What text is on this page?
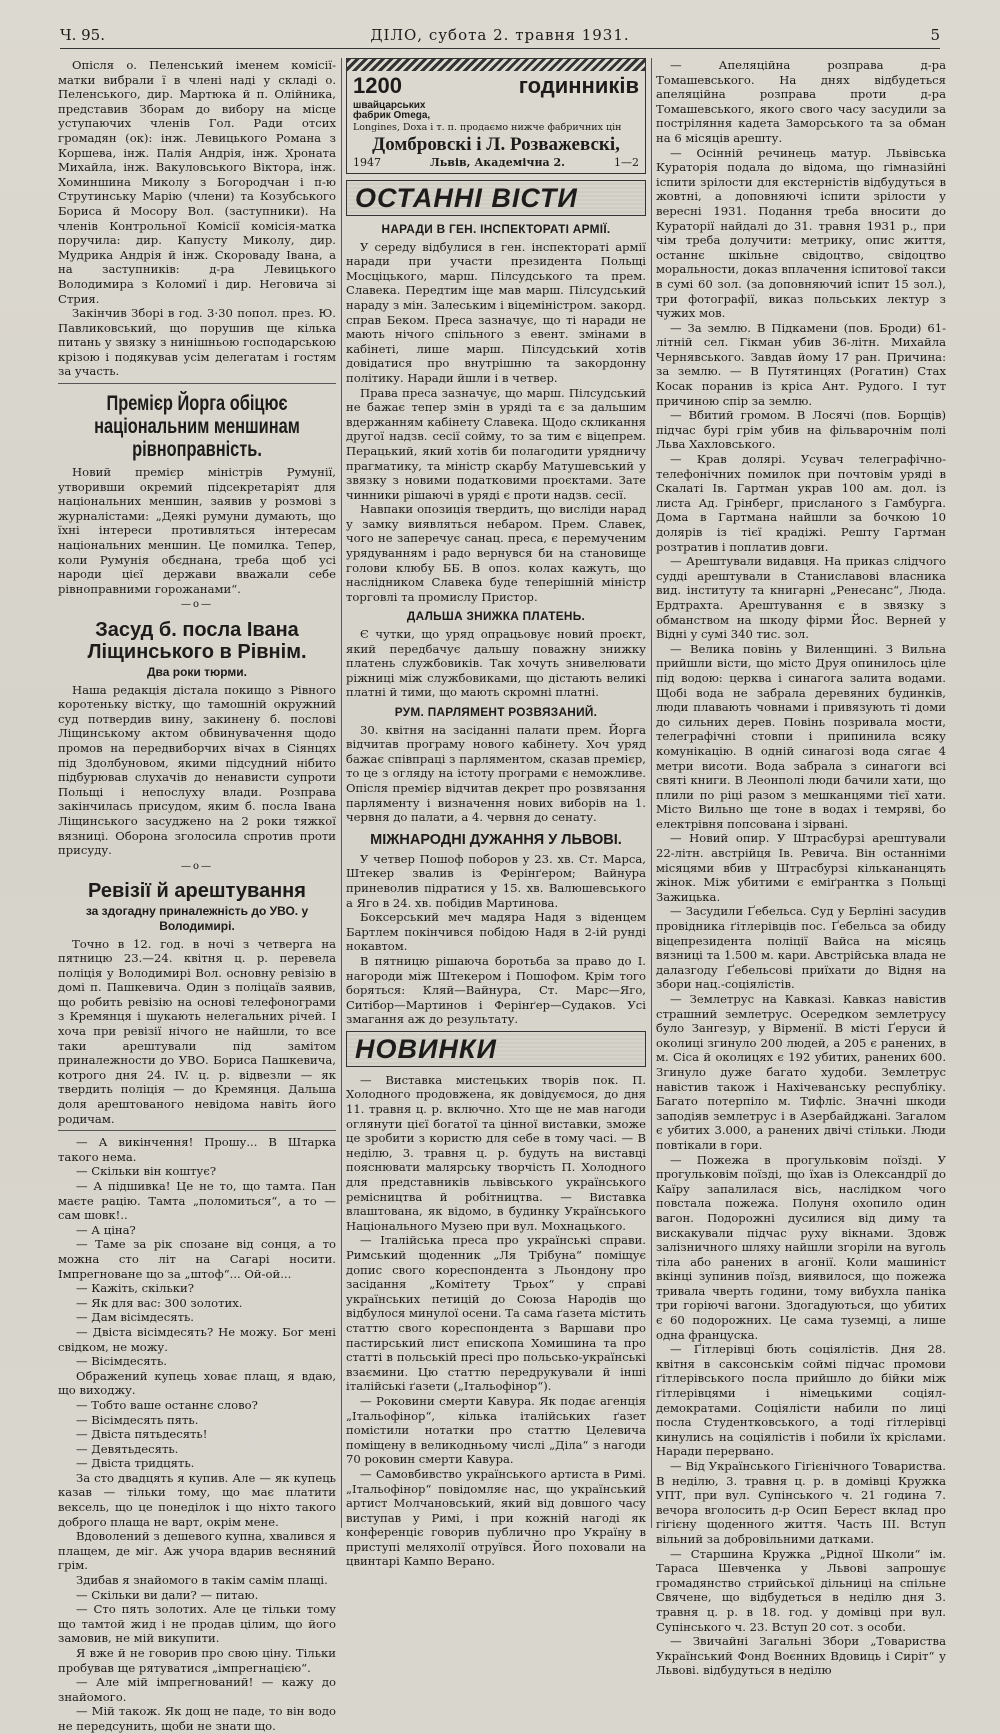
Ч. 95.	ДІЛО, субота 2. травня 1931.	5

Опісля о. Пеленський іменем комісії-матки вибрали ї в члені наді у складі о. Пеленського, дир. Мартюка й п. Олійника, представив Зборам до вибору на місце уступаючих членів Гол. Ради отсих громадян (ок): інж. Левицького Романа з Коршева, інж. Палія Андрія, інж. Хроната Михайла, інж. Вакуловського Віктора, інж. Хоминшина Миколу з Богородчан і п-ю Струтинську Марію (члени) та Козубського Бориса й Мосору Вол. (заступники). На членів Контрольної Комісії комісія-матка поручила: дир. Капусту Миколу, дир. Мудрика Андрія й інж. Скороваду Івана, а на заступників: д-ра Левицького Володимира з Коломиї і дир. Неговича зі Стрия.

Закінчив Зборі в год. 3·30 попол. през. Ю. Павликовський, що порушив ще кілька питань у звязку з нинішньою господарською крізою і подякував усім делегатам і гостям за участь.

Премієр Йорга обіцює національним меншинам рівноправність.

Новий премієр міністрів Румунії, утворивши окремий підсекретаріят для національних меншин, заявив у розмові з журналістами: „Деякі румуни думають, що їхні інтереси противляться інтересам національних меншин. Це помилка. Тепер, коли Румунія обєднана, треба щоб усі народи цієї держави вважали себе рівноправними горожанами“.

—o—
Засуд б. посла Івана Ліщинського в Рівнім.
Два роки тюрми.

Наша редакція дістала покищо з Рівного коротеньку вістку, що тамошній окружний суд потвердив вину, закинену б. послові Ліщинському актом обвинувачення щодо промов на передвиборчих вічах в Сіянцях під Здолбуновом, якими підсудний нібито підбурював слухачів до ненависти супроти Польщі і непослуху влади. Розправа закінчилась присудом, яким б. посла Івана Ліщинського засуджено на 2 роки тяжкої вязниці. Оборона зголосила спротив проти присуду.

—o—
Ревізії й арештування
за здогадну приналежність до УВО. у Володимирі.

Точно в 12. год. в ночі з четверга на пятницю 23.—24. квітня ц. р. перевела поліція у Володимирі Вол. основну ревізію в домі п. Пашкевича. Один з поліцаїв заявив, що робить ревізію на основі телефонограми з Кремянця і шукають нелегальних річей. І хоча при ревізії нічого не найшли, то все таки арештували під замітом приналежности до УВО. Бориса Пашкевича, котрого дня 24. IV. ц. р. відвезли — як твердить поліція — до Кремянця. Дальша доля арештованого невідома навіть його родичам.

— А викінчення! Прошу... В Штарка такого нема.

— Скільки він коштує?

— А підшивка! Це не то, що тамта. Пан маєте рацію. Тамта „поломиться“, а то — сам шовк!..

— А ціна?

— Таме за рік спозане від сонця, а то можна сто літ на Сагарі носити. Імпрегноване що за „штоф“... Ой-ой...

— Кажіть, скільки?

— Як для вас: 300 золотих.

— Дам вісімдесять.

— Двіста вісімдесять? Не можу. Бог мені свідком, не можу.

— Вісімдесять.

Ображений купець ховає плащ, я вдаю, що виходжу.

— Тобто ваше останнє слово?

— Вісімдесять пять.

— Двіста пятьдесять!

— Девятьдесять.

— Двіста тридцять.

За сто двадцять я купив. Але — як купець казав — тільки тому, що має платити вексель, що це понеділок і що ніхто такого доброго плаща не варт, окрім мене.

Вдоволений з дешевого купна, хвалився я плащем, де міг. Аж учора вдарив весняний грім.

Здибав я знайомого в такім самім плащі.

— Скільки ви дали? — питаю.

— Сто пять золотих. Але це тільки тому що тамтой жид і не продав цілим, що його замовив, не мій викупити.

Я вже й не говорив про свою ціну. Тільки пробував ще рятуватися „імпрегнацією“.

— Але мій імпрегнований! — кажу до знайомого.

— Мій також. Як дощ не паде, то він водо не передсунить, щоби не знати що.

1200	годинників швайцарських фабрик Omega,
Longines, Doxa і т. п. продаємо нижче фабричних цін
Домбровскі і Л. Розважевскі,
1947	Львів, Академічна 2.	1—2
ОСТАННІ ВІСТИ
НАРАДИ В ГЕН. ІНСПЕКТОРАТІ АРМІЇ.

У середу відбулися в ген. інспектораті армії наради при участи президента Польщі Мосціцького, марш. Пілсудського та прем. Славека. Передтим іще мав марш. Пілсудський нараду з мін. Залеським і віцеміністром. закорд. справ Беком. Преса зазначує, що ті наради не мають нічого спільного з евент. змінами в кабінеті, лише марш. Пілсудський хотів довідатися про внутрішню та закордонну політику. Наради йшли і в четвер.

Права преса зазначує, що марш. Пілсудський не бажає тепер змін в уряді та є за дальшим вдержанням кабінету Славека. Щодо скликання другої надзв. сесії сойму, то за тим є віцепрем. Перацький, який хотів би полагодити урядничу прагматику, та міністр скарбу Матушевський у звязку з новими податковими проєктами. Зате чинники рішаючі в уряді є проти надзв. сесії.

Навпаки опозиція твердить, що висліди нарад у замку виявляться небаром. Прем. Славек, чого не заперечує санац. преса, є перемученим урядуванням і радо вернувся би на становище голови клюбу ББ. В опоз. колах кажуть, що наслідником Славека буде теперішній міністр торговлі та промислу Пристор.

ДАЛЬША ЗНИЖКА ПЛАТЕНЬ.

Є чутки, що уряд опрацьовує новий проєкт, який передбачує дальшу поважну знижку платень службовиків. Так хочуть знивелювати ріжниці між службовиками, що дістають великі платні й тими, що мають скромні платні.

РУМ. ПАРЛЯМЕНТ РОЗВЯЗАНИЙ.

30. квітня на засіданні палати прем. Йорга відчитав програму нового кабінету. Хоч уряд бажає співпраці з парляментом, сказав премієр, то це з огляду на істоту програми є неможливе. Опісля премієр відчитав декрет про розвязання парляменту і визначення нових виборів на 1. червня до палати, а 4. червня до сенату.

МІЖНАРОДНІ ДУЖАННЯ У ЛЬВОВІ.

У четвер Пошоф поборов у 23. хв. Ст. Марса, Штекер звалив із Ферінґером; Вайнура приневолив підратися у 15. хв. Валюшевського а Яго в 24. хв. побідив Мартинова.

Боксерський меч мадяра Надя з віденцем Бартлем покінчився побідою Надя в 2-ій рунді нокавтом.

В пятницю рішаюча боротьба за право до І. нагороди між Штекером і Пошофом. Крім того боряться: Кляй—Вайнура, Ст. Марс—Яго, Ситібор—Мартинов і Ферінґер—Судаков. Усі змагання аж до результату.

НОВИНКИ

— Виставка мистецьких творів пок. П. Холодного продовжена, як довідуємося, до дня 11. травня ц. р. включно. Хто ще не мав нагоди оглянути цієї богатої та цінної виставки, зможе це зробити з користю для себе в тому часі. — В неділю, 3. травня ц. р. будуть на виставці пояснювати малярську творчість П. Холодного для представників львівського українського ремісництва й робітництва. — Виставка влаштована, як відомо, в будинку Українського Національного Музею при вул. Мохнацького.

— Італійська преса про українські справи. Римський щоденник „Ля Трібуна“ поміщує допис свого кореспондента з Льондону про засідання „Комітету Трьох“ у справі українських петицій до Союза Народів що відбулося минулої осени. Та сама ґазета містить статтю свого кореспондента з Варшави про пастирський лист епископа Хомишина та про статті в польській пресі про польсько-українські взаємини. Цю статтю передрукували й інші італійські ґазети („Італьофінор“).

— Роковини смерти Кавура. Як подає агенція „Італьофінор“, кілька італійських ґазет помістили нотатки про статтю Целевича поміщену в великодньому числі „Діла“ з нагоди 70 роковин смерти Кавура.

— Самовбивство українського артиста в Римі. „Італьофінор“ повідомляє нас, що український артист Молчановський, який від довшого часу виступав у Римі, і при кожній нагоді як конференціє говорив публично про Україну в приступі меляхолії отруївся. Його поховали на цвинтарі Кампо Верано.

— Апеляційна розправа д-ра Томашевського. На днях відбудеться апеляційна розправа проти д-ра Томашевського, якого свого часу засудили за постріляння кадета Заморського та за обман на 6 місяців арешту.

— Осінній речинець матур. Львівська Кураторія подала до відома, що гімназійні іспити зрілости для екстерністів відбудуться в жовтні, а доповняючі іспити зрілости у вересні 1931. Подання треба вносити до Кураторії найдалі до 31. травня 1931 р., при чім треба долучити: метрику, опис життя, останнє шкільне свідоцтво, свідоцтво моральности, доказ вплачення іспитової такси в сумі 60 зол. (за доповняючий іспит 15 зол.), три фотографії, виказ польських лектур з чужих мов.

— За землю. В Підкамени (пов. Броди) 61-літній сел. Гікман убив 36-літн. Михайла Чернявського. Завдав йому 17 ран. Причина: за землю. — В Путятинцях (Рогатин) Стах Косак поранив із кріса Ант. Рудого. І тут причиною спір за землю.

— Вбитий громом. В Лосячі (пов. Борщів) підчас бурі грім убив на фільварочнім полі Льва Хахловського.

— Крав долярі. Усувач телеграфічно-телефонічних помилок при почтовім уряді в Скалаті Ів. Гартман украв 100 ам. дол. із листа Ад. Грінберг, присланого з Гамбурга. Дома в Гартмана найшли за бочкою 10 долярів із тієї крадіжі. Решту Гартман розтратив і поплатив довги.

— Арештували видавця. На приказ слідчого судді арештували в Станиславові власника вид. інституту та книгарні „Ренесанс“, Люда. Ердтрахта. Арештування є в звязку з обманством на шкоду фірми Йос. Верней у Відні у сумі 340 тис. зол.

— Велика повінь у Виленщині. З Вильна прийшли вісти, що місто Друя опинилось ціле під водою: церква і синагога залита водами. Щобі вода не забрала деревяних будинків, люди плавають човнами і привязують ті доми до сильних дерев. Повінь позривала мости, телеграфічні стовпи і припинила всяку комунікацію. В одній синагозі вода сягає 4 метри висоти. Вода забрала з синагоги всі святі книги. В Леонполі люди бачили хати, що плили по ріці разом з мешканцями тієї хати. Місто Вильно ще тоне в водах і темряві, бо електрівня попсована і зірвані.

— Новий опир. У Штрасбурзі арештували 22-літн. австрійця Ів. Ревича. Він останніми місяцями вбив у Штрасбурзі кількананцять жінок. Між убитими є еміґрантка з Польщі Зажицька.

— Засудили Ґебельса. Суд у Берліні засудив провідника ґітлерівців пос. Ґебельса за обиду віцепрезидента поліції Вайса на місяць вязниці та 1.500 м. кари. Австрійська влада не далазгоду Ґебельсові приїхати до Відня на збори нац.-соціялістів.

— Землетрус на Кавказі. Кавказ навістив страшний землетрус. Осередком землетрусу було Зангезур, у Вірменії. В місті Ґеруси й околиці згинуло 200 людей, а 205 є ранених, в м. Сіса й околицях є 192 убитих, ранених 600. Згинуло дуже багато худоби. Землетрус навістив також і Нахічеванську республіку. Багато потерпіло м. Тифліс. Значні шкоди заподіяв землетрус і в Азербайджані. Загалом є убитих 3.000, а ранених двічі стільки. Люди повтікали в гори.

— Пожежа в прогульковім поїзді. У прогульковім поїзді, що їхав із Олександрії до Каїру запалилася вісь, наслідком чого повстала пожежа. Полуня охопило один вагон. Подорожні дусилися від диму та вискакували підчас руху вікнами. Здовж залізничного шляху найшли згоріли на вуголь тіла або ранених в агонії. Коли машиніст вкінці зупинив поїзд, виявилося, що пожежа тривала чверть години, тому вибухла паніка три горіючі вагони. Здогадуються, що убитих є 60 подорожних. Це сама туземці, а лише одна француска.

— Ґітлерівці бють соціялістів. Дня 28. квітня в саксонськім соймі підчас промови ґітлерівського посла прийшло до бійки між ґітлерівцями і німецькими соціял-демократами. Соціялісти набили по лиці посла Студентковського, а тоді ґітлерівці кинулись на соціялістів і побили їх кріслами. Наради перервано.

— Від Українського Гігієнічного Товариства. В неділю, 3. травня ц. р. в домівці Кружка УПТ, при вул. Супінського ч. 21 година 7. вечора вголосить д-р Осип Берест вклад про гігієну щоденного життя. Часть III. Вступ вільний за добровільними датками.

— Старшина Кружка „Рідної Школи“ ім. Тараса Шевченка у Львові запрошує громадянство стрийської дільниці на спільне Свячене, що відбудеться в неділю дня 3. травня ц. р. в 18. год. у домівці при вул. Супінського ч. 23. Вступ 20 сот. з особи.

— Звичайні Загальні Збори „Товариства Український Фонд Воєнних Вдовиць і Сиріт“ у Львові. відбудуться в неділю
